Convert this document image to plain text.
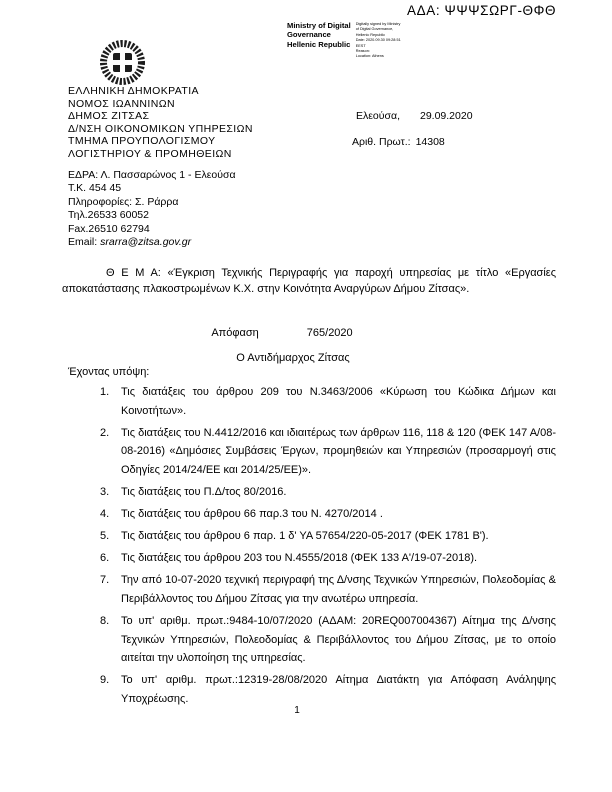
ΑΔΑ: ΨΨΨΣΩΡΓ-ΘΦΘ
Ministry of Digital
Governance
Hellenic Republic
Digitally signed by Ministry
of Digital Governance,
Hellenic Republic
Date: 2020.09.30 09:28:51
EEST
Reason:
Location: Athens
ΕΛΛΗΝΙΚΗ ΔΗΜΟΚΡΑΤΙΑ
ΝΟΜΟΣ ΙΩΑΝΝΙΝΩΝ
ΔΗΜΟΣ ΖΙΤΣΑΣ
Δ/ΝΣΗ ΟΙΚΟΝΟΜΙΚΩΝ ΥΠΗΡΕΣΙΩΝ
ΤΜΗΜΑ ΠΡΟΥΠΟΛΟΓΙΣΜΟΥ
ΛΟΓΙΣΤΗΡΙΟΥ & ΠΡΟΜΗΘΕΙΩΝ
Ελεούσα, 29.09.2020
Αριθ. Πρωτ.: 14308
ΕΔΡΑ: Λ. Πασσαρώνος 1 - Ελεούσα
Τ.Κ. 454 45
Πληροφορίες: Σ. Ράρρα
Τηλ.26533 60052
Fax.26510 62794
Email: srarra@zitsa.gov.gr
Θ Ε Μ Α: «Έγκριση Τεχνικής Περιγραφής για παροχή υπηρεσίας με τίτλο «Εργασίες αποκατάστασης πλακοστρωμένων Κ.Χ. στην Κοινότητα Αναργύρων Δήμου Ζίτσας».
Απόφαση	765/2020
Ο Αντιδήμαρχος Ζίτσας
Έχοντας υπόψη:
1.	Τις διατάξεις του άρθρου 209 του Ν.3463/2006 «Κύρωση του Κώδικα Δήμων και Κοινοτήτων».
2.	Τις διατάξεις του Ν.4412/2016 και ιδιαιτέρως των άρθρων 116, 118 & 120 (ΦΕΚ 147 Α/08-08-2016) «Δημόσιες Συμβάσεις Έργων, προμηθειών και Υπηρεσιών (προσαρμογή στις Οδηγίες 2014/24/ΕΕ και 2014/25/ΕΕ)».
3.	Τις διατάξεις του Π.Δ/τος 80/2016.
4.	Τις διατάξεις του άρθρου 66 παρ.3 του Ν. 4270/2014 .
5.	Τις διατάξεις του άρθρου 6 παρ. 1 δ' ΥΑ 57654/220-05-2017 (ΦΕΚ 1781 Β').
6.	Τις διατάξεις του άρθρου 203 του Ν.4555/2018 (ΦΕΚ 133 Α'/19-07-2018).
7.	Την από 10-07-2020 τεχνική περιγραφή της Δ/νσης Τεχνικών Υπηρεσιών, Πολεοδομίας & Περιβάλλοντος του Δήμου Ζίτσας για την ανωτέρω υπηρεσία.
8.	Το υπ' αριθμ. πρωτ.:9484-10/07/2020 (ΑΔΑΜ: 20REQ007004367) Αίτημα της Δ/νσης Τεχνικών Υπηρεσιών, Πολεοδομίας & Περιβάλλοντος του Δήμου Ζίτσας, με το οποίο αιτείται την υλοποίηση της υπηρεσίας.
9.	Το υπ' αριθμ. πρωτ.:12319-28/08/2020 Αίτημα Διατάκτη για Απόφαση Ανάληψης Υποχρέωσης.
1
